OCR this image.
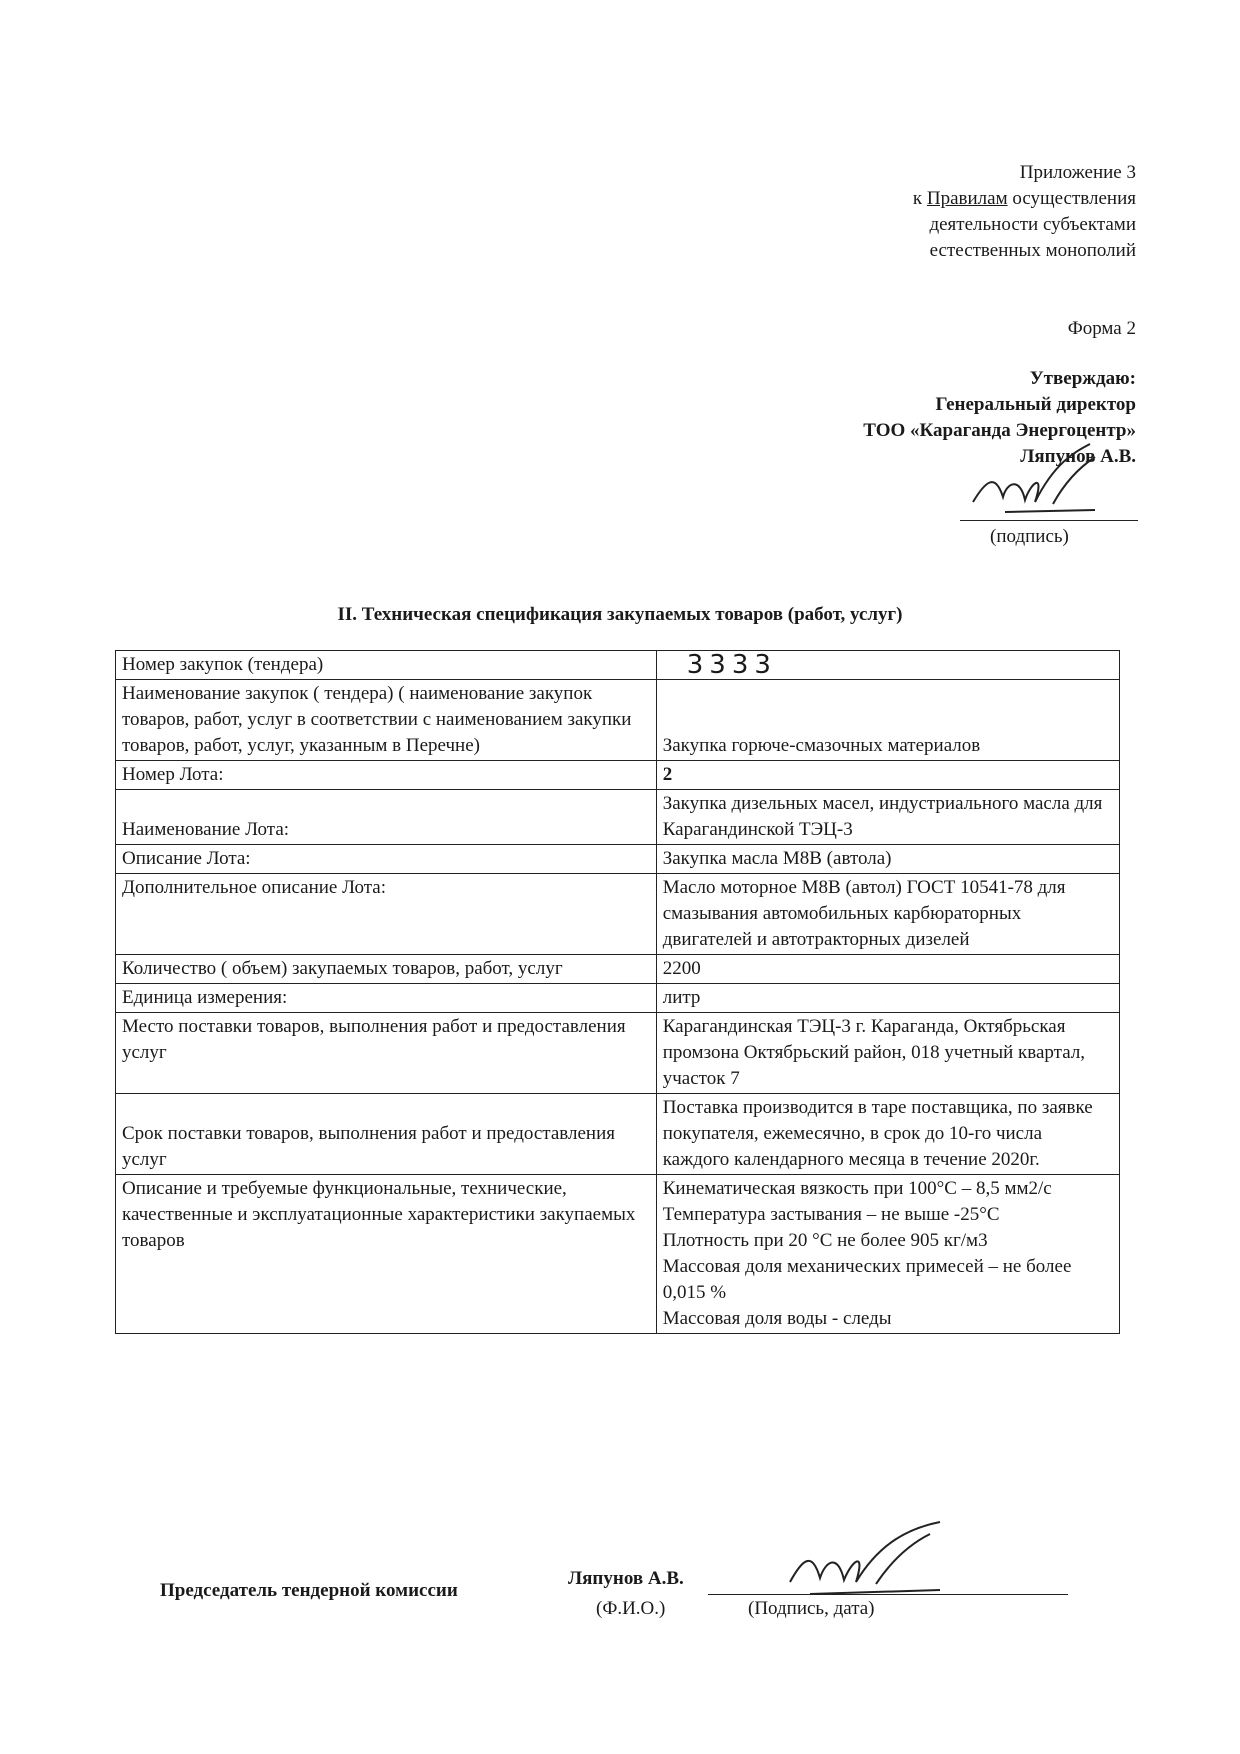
Приложение 3
к Правилам осуществления
деятельности субъектами
естественных монополий
Форма 2
Утверждаю:
Генеральный директор
ТОО «Караганда Энергоцентр»
Ляпунов А.В.
(подпись)
II. Техническая спецификация закупаемых товаров (работ, услуг)
Номер закупок (тендера)	3333
Наименование закупок ( тендера) ( наименование закупок товаров, работ, услуг в соответствии с наименованием закупки товаров, работ, услуг, указанным в Перечне)	Закупка горюче-смазочных материалов
Номер Лота:	2
Наименование Лота:	Закупка дизельных масел, индустриального масла для Карагандинской ТЭЦ-3
Описание Лота:	Закупка масла М8В (автола)
Дополнительное описание Лота:	Масло моторное М8В (автол) ГОСТ 10541-78 для смазывания автомобильных карбюраторных двигателей и автотракторных дизелей
Количество ( объем) закупаемых товаров, работ, услуг	2200
Единица измерения:	литр
Место поставки товаров, выполнения работ и предоставления услуг	Карагандинская ТЭЦ-3 г. Караганда, Октябрьская промзона Октябрьский район, 018 учетный квартал, участок 7
Срок поставки товаров, выполнения работ и предоставления услуг	Поставка производится в таре поставщика, по заявке покупателя, ежемесячно, в срок до 10-го числа каждого календарного месяца в течение 2020г.
Описание и требуемые функциональные, технические, качественные и эксплуатационные характеристики закупаемых товаров	Кинематическая вязкость при 100°С – 8,5 мм2/с
Температура застывания – не выше -25°С
Плотность при 20 °С не более 905 кг/м3
Массовая доля механических примесей – не более 0,015 %
Массовая доля воды - следы
Председатель тендерной комиссии
Ляпунов А.В.
(Ф.И.О.)	(Подпись, дата)
